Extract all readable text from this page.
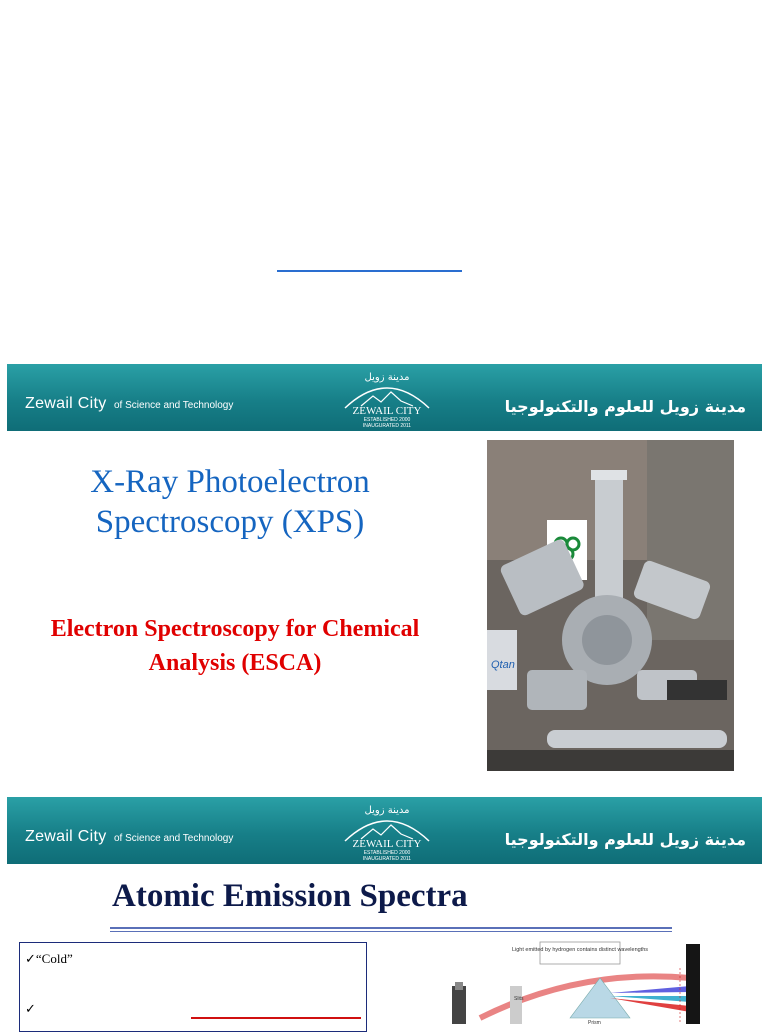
Zewail City of Science and Technology
مدينة زويل
ZEWAIL CITY
ESTABLISHED 2000
INAUGURATED 2011
مدينة زويل للعلوم والتكنولوجيا
X-Ray Photoelectron Spectroscopy (XPS)
Electron Spectroscopy for Chemical Analysis (ESCA)	Qtan
Zewail City of Science and Technology
مدينة زويل
ZEWAIL CITY
ESTABLISHED 2000
INAUGURATED 2011
مدينة زويل للعلوم والتكنولوجيا
Atomic Emission Spectra
✓“Cold”
✓
Light emitted by hydrogen contains distinct wavelengths
Slits
Prism
